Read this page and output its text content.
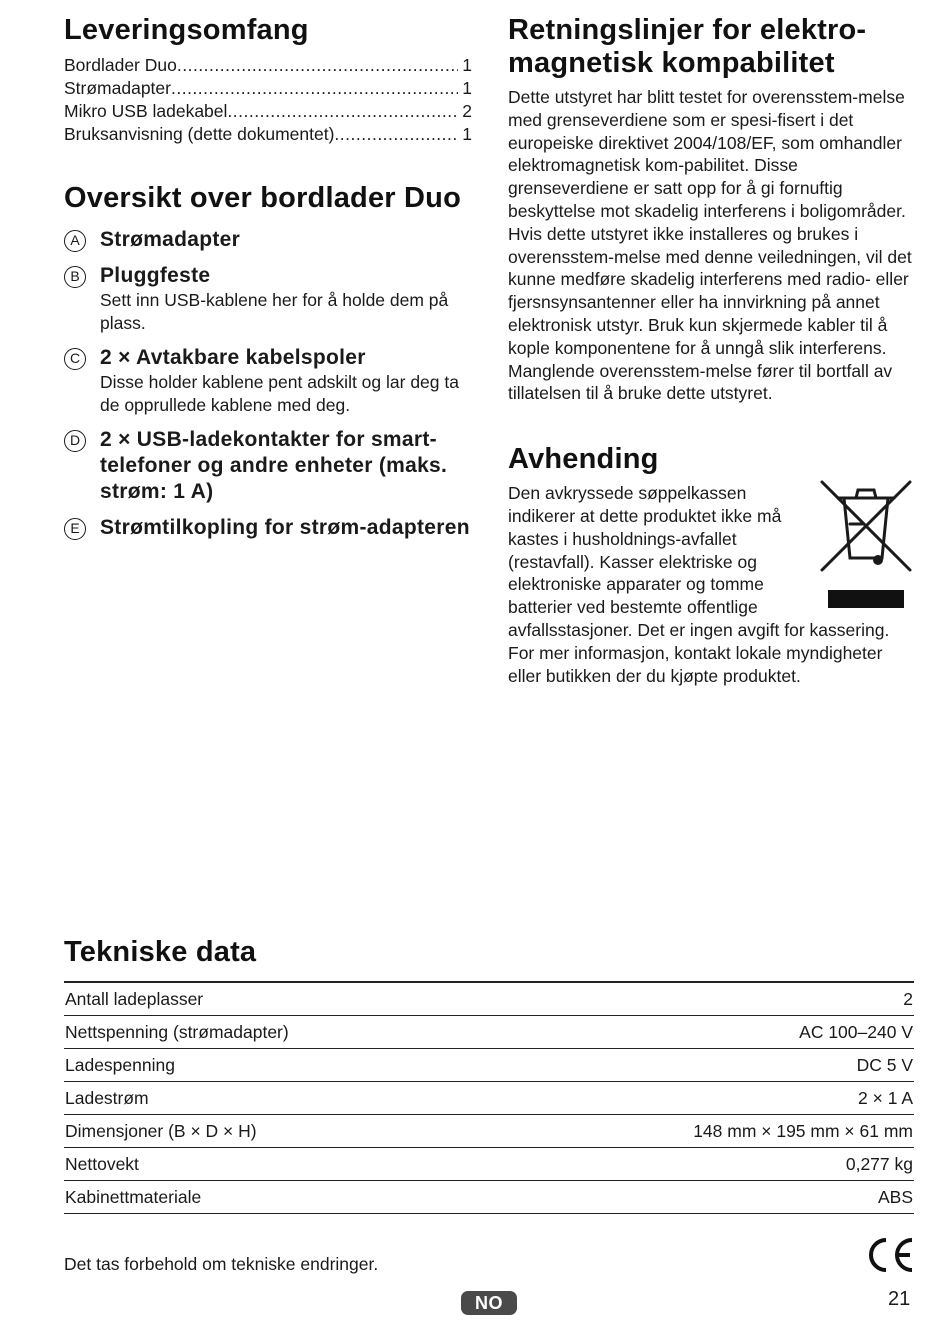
Leveringsomfang
Bordlader Duo .....	1
Strømadapter .....	1
Mikro USB ladekabel .....	2
Bruksanvisning (dette dokumentet) .....	1
Oversikt over bordlader Duo
A Strømadapter
B Pluggfeste
Sett inn USB-kablene her for å holde dem på plass.
C 2 × Avtakbare kabelspoler
Disse holder kablene pent adskilt og lar deg ta de opprullede kablene med deg.
D 2 × USB-ladekontakter for smart-telefoner og andre enheter (maks. strøm: 1 A)
E Strømtilkopling for strøm-adapteren
Retningslinjer for elektro-magnetisk kompabilitet

Dette utstyret har blitt testet for overensstem-melse med grenseverdiene som er spesi-fisert i det europeiske direktivet 2004/108/EF, som omhandler elektromagnetisk kom-pabilitet. Disse grenseverdiene er satt opp for å gi fornuftig beskyttelse mot skadelig interferens i boligområder. Hvis dette utstyret ikke installeres og brukes i overensstem-melse med denne veiledningen, vil det kunne medføre skadelig interferens med radio- eller fjersnsynsantenner eller ha innvirkning på annet elektronisk utstyr. Bruk kun skjermede kabler til å kople komponentene for å unngå slik interferens. Manglende overensstem-melse fører til bortfall av tillatelsen til å bruke dette utstyret.

Avhending

Den avkryssede søppelkassen indikerer at dette produktet ikke må kastes i husholdnings-avfallet (restavfall). Kasser elektriske og elektroniske apparater og tomme batterier ved bestemte offentlige avfallsstasjoner. Det er ingen avgift for kassering. For mer informasjon, kontakt lokale myndigheter eller butikken der du kjøpte produktet.

Tekniske data
Antall ladeplasser		2
Nettspenning (strømadapter)		AC 100–240 V
Ladespenning		DC 5 V
Ladestrøm		2 × 1 A
Dimensjoner (B × D × H)		148 mm × 195 mm × 61 mm
Nettovekt		0,277 kg
Kabinettmateriale		ABS
Det tas forbehold om tekniske endringer.
NO	21
